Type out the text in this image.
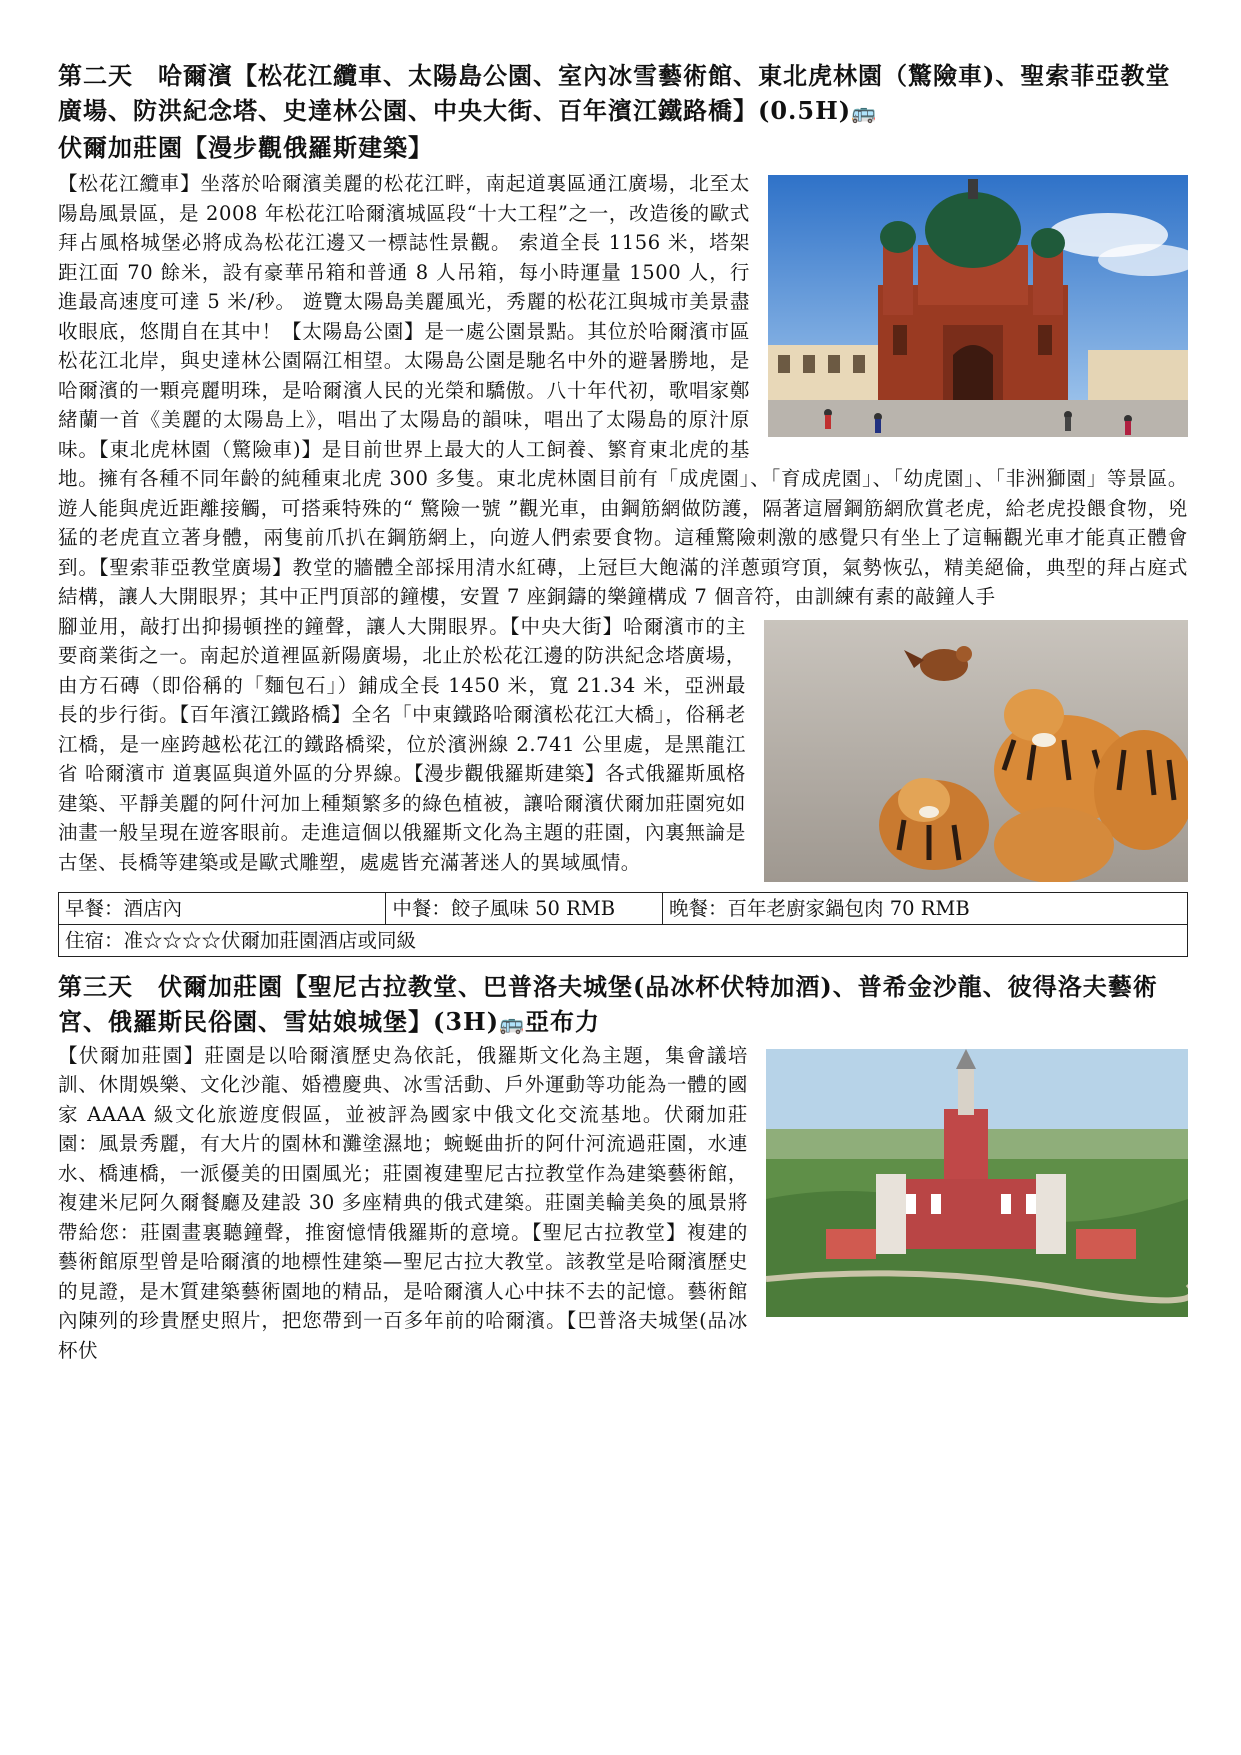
第二天　哈爾濱【松花江纜車、太陽島公園、室內冰雪藝術館、東北虎林園（驚險車)、聖索菲亞教堂廣場、防洪紀念塔、史達林公園、中央大街、百年濱江鐵路橋】(0.5H)🚌
伏爾加莊園【漫步觀俄羅斯建築】

【松花江纜車】坐落於哈爾濱美麗的松花江畔，南起道裏區通江廣場，北至太陽島風景區，是 2008 年松花江哈爾濱城區段“十大工程”之一，改造後的歐式拜占風格城堡必將成為松花江邊又一標誌性景觀。 索道全長 1156 米，塔架距江面 70 餘米，設有豪華吊箱和普通 8 人吊箱，每小時運量 1500 人，行進最高速度可達 5 米/秒。 遊覽太陽島美麗風光，秀麗的松花江與城市美景盡收眼底，悠閒自在其中！【太陽島公園】是一處公園景點。其位於哈爾濱市區松花江北岸，與史達林公園隔江相望。太陽島公園是馳名中外的避暑勝地，是哈爾濱的一顆亮麗明珠，是哈爾濱人民的光榮和驕傲。八十年代初，歌唱家鄭緒蘭一首《美麗的太陽島上》，唱出了太陽島的韻味，唱出了太陽島的原汁原味。【東北虎林園（驚險車)】是目前世界上最大的人工飼養、繁育東北虎的基地。擁有各種不同年齡的純種東北虎 300 多隻。東北虎林園目前有「成虎園」、「育成虎園」、「幼虎園」、「非洲獅園」等景區。遊人能與虎近距離接觸，可搭乘特殊的“ 驚險一號 ”觀光車，由鋼筋網做防護，隔著這層鋼筋網欣賞老虎，給老虎投餵食物，兇猛的老虎直立著身體，兩隻前爪扒在鋼筋網上，向遊人們索要食物。這種驚險刺激的感覺只有坐上了這輛觀光車才能真正體會到。【聖索菲亞教堂廣場】教堂的牆體全部採用清水紅磚，上冠巨大飽滿的洋蔥頭穹頂，氣勢恢弘，精美絕倫，典型的拜占庭式結構，讓人大開眼界；其中正門頂部的鐘樓，安置 7 座銅鑄的樂鐘構成 7 個音符，由訓練有素的敲鐘人手

腳並用，敲打出抑揚頓挫的鐘聲，讓人大開眼界。【中央大街】哈爾濱市的主要商業街之一。南起於道裡區新陽廣場，北止於松花江邊的防洪紀念塔廣場，由方石磚（即俗稱的「麵包石」）鋪成全長 1450 米，寬 21.34 米，亞洲最長的步行街。【百年濱江鐵路橋】全名「中東鐵路哈爾濱松花江大橋」，俗稱老江橋，是一座跨越松花江的鐵路橋梁，位於濱洲線 2.741 公里處，是黑龍江省 哈爾濱市 道裏區與道外區的分界線。【漫步觀俄羅斯建築】各式俄羅斯風格建築、平靜美麗的阿什河加上種類繁多的綠色植被，讓哈爾濱伏爾加莊園宛如油畫一般呈現在遊客眼前。走進這個以俄羅斯文化為主題的莊園，內裏無論是古堡、長橋等建築或是歐式雕塑，處處皆充滿著迷人的異域風情。

早餐：酒店內	中餐：餃子風味 50 RMB	晚餐：百年老廚家鍋包肉 70 RMB
住宿：准☆☆☆☆伏爾加莊園酒店或同級
第三天　伏爾加莊園【聖尼古拉教堂、巴普洛夫城堡(品冰杯伏特加酒)、普希金沙龍、彼得洛夫藝術宮、俄羅斯民俗園、雪姑娘城堡】(3H)🚌亞布力

【伏爾加莊園】莊園是以哈爾濱歷史為依託，俄羅斯文化為主題，集會議培訓、休閒娛樂、文化沙龍、婚禮慶典、冰雪活動、戶外運動等功能為一體的國家 AAAA 級文化旅遊度假區，並被評為國家中俄文化交流基地。伏爾加莊園：風景秀麗，有大片的園林和灘塗濕地；蜿蜒曲折的阿什河流過莊園，水連水、橋連橋，一派優美的田園風光；莊園複建聖尼古拉教堂作為建築藝術館，複建米尼阿久爾餐廳及建設 30 多座精典的俄式建築。莊園美輪美奐的風景將帶給您：莊園畫裏聽鐘聲，推窗憶情俄羅斯的意境。【聖尼古拉教堂】複建的藝術館原型曾是哈爾濱的地標性建築—聖尼古拉大教堂。該教堂是哈爾濱歷史的見證，是木質建築藝術園地的精品，是哈爾濱人心中抹不去的記憶。藝術館內陳列的珍貴歷史照片，把您帶到一百多年前的哈爾濱。【巴普洛夫城堡(品冰杯伏
